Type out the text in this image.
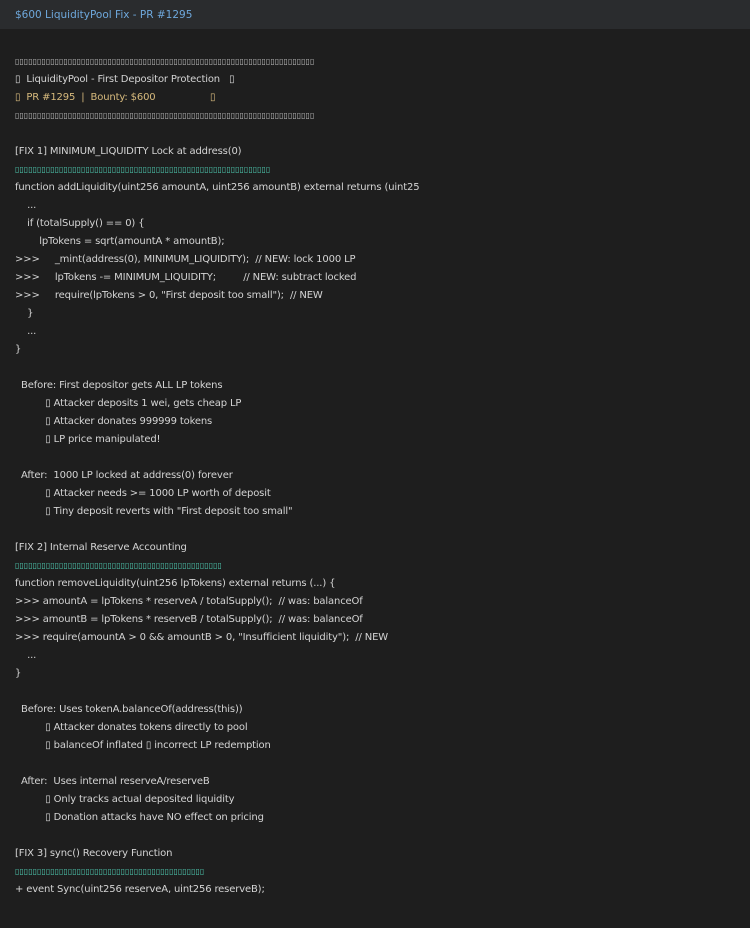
$600 LiquidityPool Fix - PR #1295
▯▯▯▯▯▯▯▯▯▯▯▯▯▯▯▯▯▯▯▯▯▯▯▯▯▯▯▯▯▯▯▯▯▯▯▯▯▯▯▯▯▯▯▯▯▯▯▯▯▯▯▯▯▯▯▯▯▯▯▯▯▯▯▯▯▯▯▯
▯  LiquidityPool - First Depositor Protection   ▯
▯  PR #1295  |  Bounty: $600                  ▯
▯▯▯▯▯▯▯▯▯▯▯▯▯▯▯▯▯▯▯▯▯▯▯▯▯▯▯▯▯▯▯▯▯▯▯▯▯▯▯▯▯▯▯▯▯▯▯▯▯▯▯▯▯▯▯▯▯▯▯▯▯▯▯▯▯▯▯▯
[FIX 1] MINIMUM_LIQUIDITY Lock at address(0)
▯▯▯▯▯▯▯▯▯▯▯▯▯▯▯▯▯▯▯▯▯▯▯▯▯▯▯▯▯▯▯▯▯▯▯▯▯▯▯▯▯▯▯▯▯▯▯▯▯▯▯▯▯▯▯▯▯▯
function addLiquidity(uint256 amountA, uint256 amountB) external returns (uint25
...
if (totalSupply() == 0) {
lpTokens = sqrt(amountA * amountB);
>>>     _mint(address(0), MINIMUM_LIQUIDITY);  // NEW: lock 1000 LP
>>>     lpTokens -= MINIMUM_LIQUIDITY;         // NEW: subtract locked
>>>     require(lpTokens > 0, "First deposit too small");  // NEW
}
...
}
Before: First depositor gets ALL LP tokens
▯ Attacker deposits 1 wei, gets cheap LP
▯ Attacker donates 999999 tokens
▯ LP price manipulated!
After:  1000 LP locked at address(0) forever
▯ Attacker needs >= 1000 LP worth of deposit
▯ Tiny deposit reverts with "First deposit too small"
[FIX 2] Internal Reserve Accounting
▯▯▯▯▯▯▯▯▯▯▯▯▯▯▯▯▯▯▯▯▯▯▯▯▯▯▯▯▯▯▯▯▯▯▯▯▯▯▯▯▯▯▯▯▯▯▯
function removeLiquidity(uint256 lpTokens) external returns (...) {
>>> amountA = lpTokens * reserveA / totalSupply();  // was: balanceOf
>>> amountB = lpTokens * reserveB / totalSupply();  // was: balanceOf
>>> require(amountA > 0 && amountB > 0, "Insufficient liquidity");  // NEW
...
}
Before: Uses tokenA.balanceOf(address(this))
▯ Attacker donates tokens directly to pool
▯ balanceOf inflated ▯ incorrect LP redemption
After:  Uses internal reserveA/reserveB
▯ Only tracks actual deposited liquidity
▯ Donation attacks have NO effect on pricing
[FIX 3] sync() Recovery Function
▯▯▯▯▯▯▯▯▯▯▯▯▯▯▯▯▯▯▯▯▯▯▯▯▯▯▯▯▯▯▯▯▯▯▯▯▯▯▯▯▯▯▯
+ event Sync(uint256 reserveA, uint256 reserveB);
